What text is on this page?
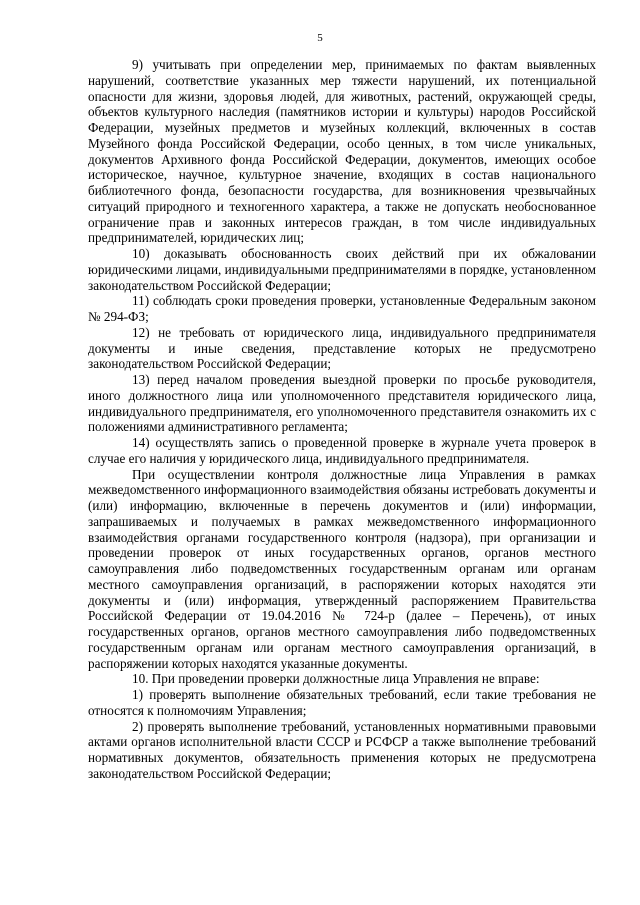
5

9) учитывать при определении мер, принимаемых по фактам выявленных нарушений, соответствие указанных мер тяжести нарушений, их потенциальной опасности для жизни, здоровья людей, для животных, растений, окружающей среды, объектов культурного наследия (памятников истории и культуры) народов Российской Федерации, музейных предметов и музейных коллекций, включенных в состав Музейного фонда Российской Федерации, особо ценных, в том числе уникальных, документов Архивного фонда Российской Федерации, документов, имеющих особое историческое, научное, культурное значение, входящих в состав национального библиотечного фонда, безопасности государства, для возникновения чрезвычайных ситуаций природного и техногенного характера, а также не допускать необоснованное ограничение прав и законных интересов граждан, в том числе индивидуальных предпринимателей, юридических лиц;

10) доказывать обоснованность своих действий при их обжаловании юридическими лицами, индивидуальными предпринимателями в порядке, установленном законодательством Российской Федерации;

11) соблюдать сроки проведения проверки, установленные Федеральным законом № 294-ФЗ;

12) не требовать от юридического лица, индивидуального предпринимателя документы и иные сведения, представление которых не предусмотрено законодательством Российской Федерации;

13) перед началом проведения выездной проверки по просьбе руководителя, иного должностного лица или уполномоченного представителя юридического лица, индивидуального предпринимателя, его уполномоченного представителя ознакомить их с положениями административного регламента;

14) осуществлять запись о проведенной проверке в журнале учета проверок в случае его наличия у юридического лица, индивидуального предпринимателя.

При осуществлении контроля должностные лица Управления в рамках межведомственного информационного взаимодействия обязаны истребовать документы и (или) информацию, включенные в перечень документов и (или) информации, запрашиваемых и получаемых в рамках межведомственного информационного взаимодействия органами государственного контроля (надзора), при организации и проведении проверок от иных государственных органов, органов местного самоуправления либо подведомственных государственным органам или органам местного самоуправления организаций, в распоряжении которых находятся эти документы и (или) информация, утвержденный распоряжением Правительства Российской Федерации от 19.04.2016 № 724-р (далее – Перечень), от иных государственных органов, органов местного самоуправления либо подведомственных государственным органам или органам местного самоуправления организаций, в распоряжении которых находятся указанные документы.

10. При проведении проверки должностные лица Управления не вправе:

1) проверять выполнение обязательных требований, если такие требования не относятся к полномочиям Управления;

2) проверять выполнение требований, установленных нормативными правовыми актами органов исполнительной власти СССР и РСФСР а также выполнение требований нормативных документов, обязательность применения которых не предусмотрена законодательством Российской Федерации;
